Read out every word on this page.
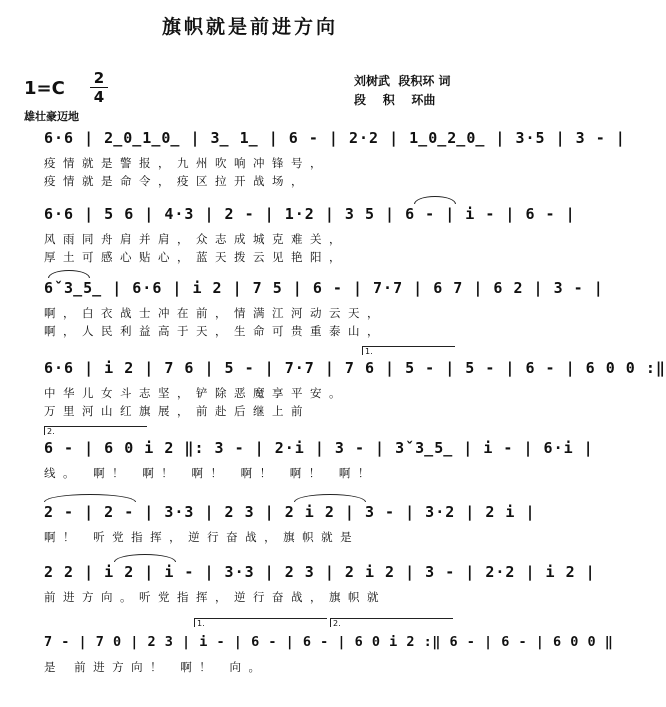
旗帜就是前进方向
1=C 2
4
刘树武  段积环 词
段    积    环曲
雄壮豪迈地
6·6 | 2̲0̲1̲0̲ | 3̲ 1̲ | 6 - | 2·2 | 1̲0̲2̲0̲ | 3·5 | 3 - |
疫情就是警报，九州吹响冲锋号，
疫情就是命令，疫区拉开战场，
6·6 | 5 6 | 4·3 | 2 - | 1·2 | 3 5 | 6 - | i - | 6 - |
风雨同舟肩并肩，众志成城克难关，
厚土可感心贴心，蓝天拨云见艳阳，
6ˇ3̲5̲ | 6·6 | i 2 | 7 5 | 6 - | 7·7 | 6 7 | 6 2 | 3 - |
啊，白衣战士冲在前，情满江河动云天，
啊，人民利益高于天，生命可贵重泰山，
1.
6·6 | i 2 | 7 6 | 5 - | 7·7 | 7 6 | 5 - | 5 - | 6 - | 6 0 0 :‖
中华儿女斗志坚，铲除恶魔享平安。
万里河山红旗展，前赴后继上前
2.
6 - | 6 0 i 2 ‖: 3 - | 2·i | 3 - | 3ˇ3̲5̲ | i - | 6·i |
线。 啊！ 啊！ 啊！ 啊！ 啊！ 啊！
2 - | 2 - | 3·3 | 2 3 | 2 i 2 | 3 - | 3·2 | 2 i |
啊！ 听党指挥，逆行奋战，旗帜就是
2 2 | i 2 | i - | 3·3 | 2 3 | 2 i 2 | 3 - | 2·2 | i 2 |
前进方向。听党指挥，逆行奋战，旗帜就
1.	2.
7 - | 7 0 | 2 3 | i - | 6 - | 6 - | 6 0 i 2 :‖ 6 - | 6 - | 6 0 0 ‖
是 前进方向！ 啊！ 向。
